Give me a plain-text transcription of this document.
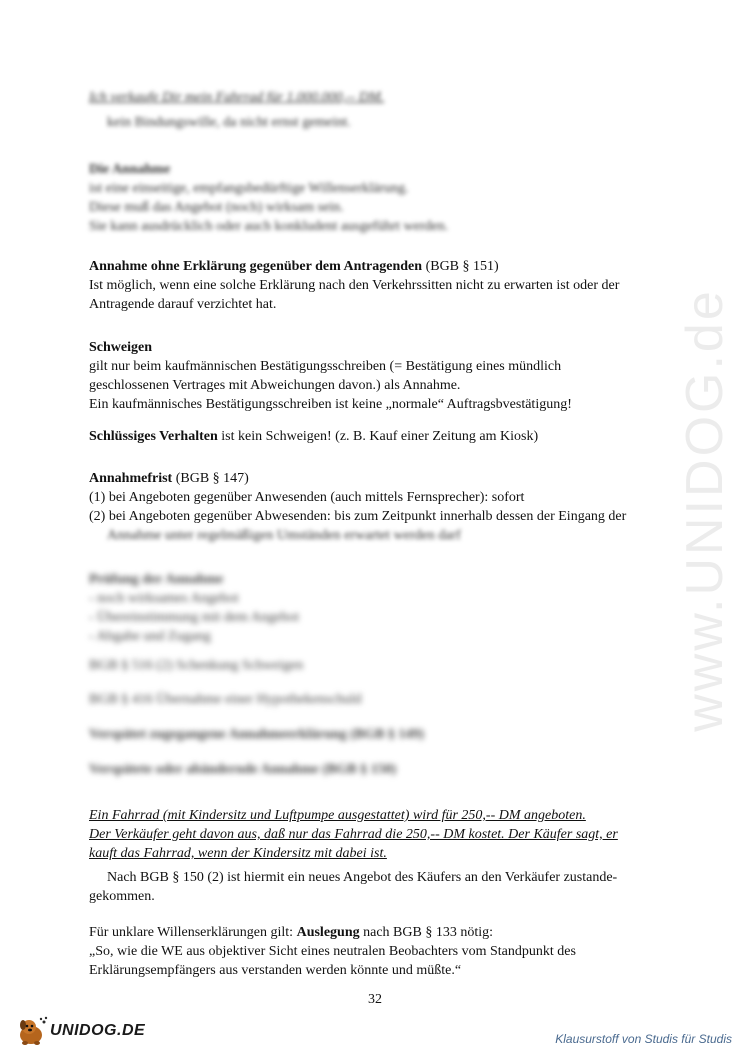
www.UNIDOG.de
Ich verkaufe Dir mein Fahrrad für 1.000.000,-- DM.
kein Bindungswille, da nicht ernst gemeint.
Die Annahme
ist eine einseitige, empfangsbedürftige Willenserklärung.
Diese muß das Angebot (noch) wirksam sein.
Sie kann ausdrücklich oder auch konkludent ausgeführt werden.
Annahme ohne Erklärung gegenüber dem Antragenden (BGB § 151)
Ist möglich, wenn eine solche Erklärung nach den Verkehrssitten nicht zu erwarten ist oder der
Antragende darauf verzichtet hat.
Schweigen
gilt nur beim kaufmännischen Bestätigungsschreiben (= Bestätigung eines mündlich
geschlossenen Vertrages mit Abweichungen davon.) als Annahme.
Ein kaufmännisches Bestätigungsschreiben ist keine „normale“ Auftragsbvestätigung!
Schlüssiges Verhalten ist kein Schweigen! (z. B. Kauf einer Zeitung am Kiosk)
Annahmefrist (BGB § 147)
(1) bei Angeboten gegenüber Anwesenden (auch mittels Fernsprecher): sofort
(2) bei Angeboten gegenüber Abwesenden: bis zum Zeitpunkt innerhalb dessen der Eingang der
Annahme unter regelmäßigen Umständen erwartet werden darf
Prüfung der Annahme
- noch wirksames Angebot
- Übereinstimmung mit dem Angebot
- Abgabe und Zugang
BGB § 516 (2) Schenkung Schweigen
BGB § 416 Übernahme einer Hypothekenschuld
Verspätet zugegangene Annahmeerklärung (BGB § 149)
Verspätete oder abändernde Annahme (BGB § 150)
Ein Fahrrad (mit Kindersitz und Luftpumpe ausgestattet) wird für 250,-- DM angeboten.
Der Verkäufer geht davon aus, daß nur das Fahrrad die 250,-- DM kostet. Der Käufer sagt, er
kauft das Fahrrad, wenn der Kindersitz mit dabei ist.
Nach BGB § 150 (2) ist hiermit ein neues Angebot des Käufers an den Verkäufer zustande-
gekommen.
Für unklare Willenserklärungen gilt: Auslegung nach BGB § 133 nötig:
„So, wie die WE aus objektiver Sicht eines neutralen Beobachters vom Standpunkt des
Erklärungsempfängers aus verstanden werden könnte und müßte.“
32
UNIDOG.DE	Klausurstoff von Studis für Studis
